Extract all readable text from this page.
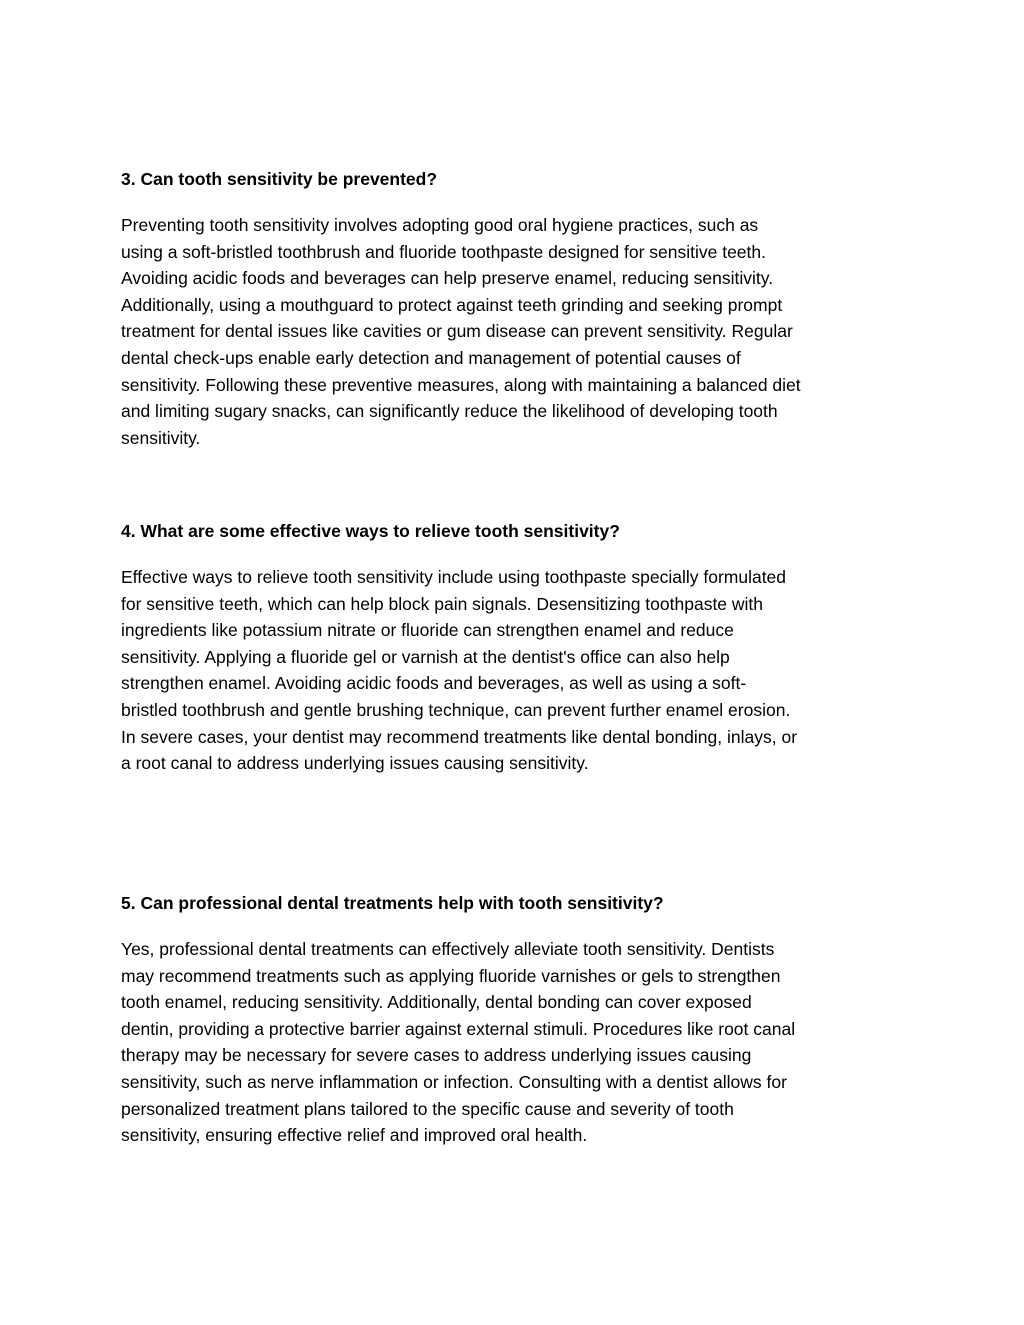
3. Can tooth sensitivity be prevented?

Preventing tooth sensitivity involves adopting good oral hygiene practices, such as
using a soft-bristled toothbrush and fluoride toothpaste designed for sensitive teeth.
Avoiding acidic foods and beverages can help preserve enamel, reducing sensitivity.
Additionally, using a mouthguard to protect against teeth grinding and seeking prompt
treatment for dental issues like cavities or gum disease can prevent sensitivity. Regular
dental check-ups enable early detection and management of potential causes of
sensitivity. Following these preventive measures, along with maintaining a balanced diet
and limiting sugary snacks, can significantly reduce the likelihood of developing tooth
sensitivity.

4. What are some effective ways to relieve tooth sensitivity?

Effective ways to relieve tooth sensitivity include using toothpaste specially formulated
for sensitive teeth, which can help block pain signals. Desensitizing toothpaste with
ingredients like potassium nitrate or fluoride can strengthen enamel and reduce
sensitivity. Applying a fluoride gel or varnish at the dentist's office can also help
strengthen enamel. Avoiding acidic foods and beverages, as well as using a soft-
bristled toothbrush and gentle brushing technique, can prevent further enamel erosion.
In severe cases, your dentist may recommend treatments like dental bonding, inlays, or
a root canal to address underlying issues causing sensitivity.

5. Can professional dental treatments help with tooth sensitivity?

Yes, professional dental treatments can effectively alleviate tooth sensitivity. Dentists
may recommend treatments such as applying fluoride varnishes or gels to strengthen
tooth enamel, reducing sensitivity. Additionally, dental bonding can cover exposed
dentin, providing a protective barrier against external stimuli. Procedures like root canal
therapy may be necessary for severe cases to address underlying issues causing
sensitivity, such as nerve inflammation or infection. Consulting with a dentist allows for
personalized treatment plans tailored to the specific cause and severity of tooth
sensitivity, ensuring effective relief and improved oral health.
